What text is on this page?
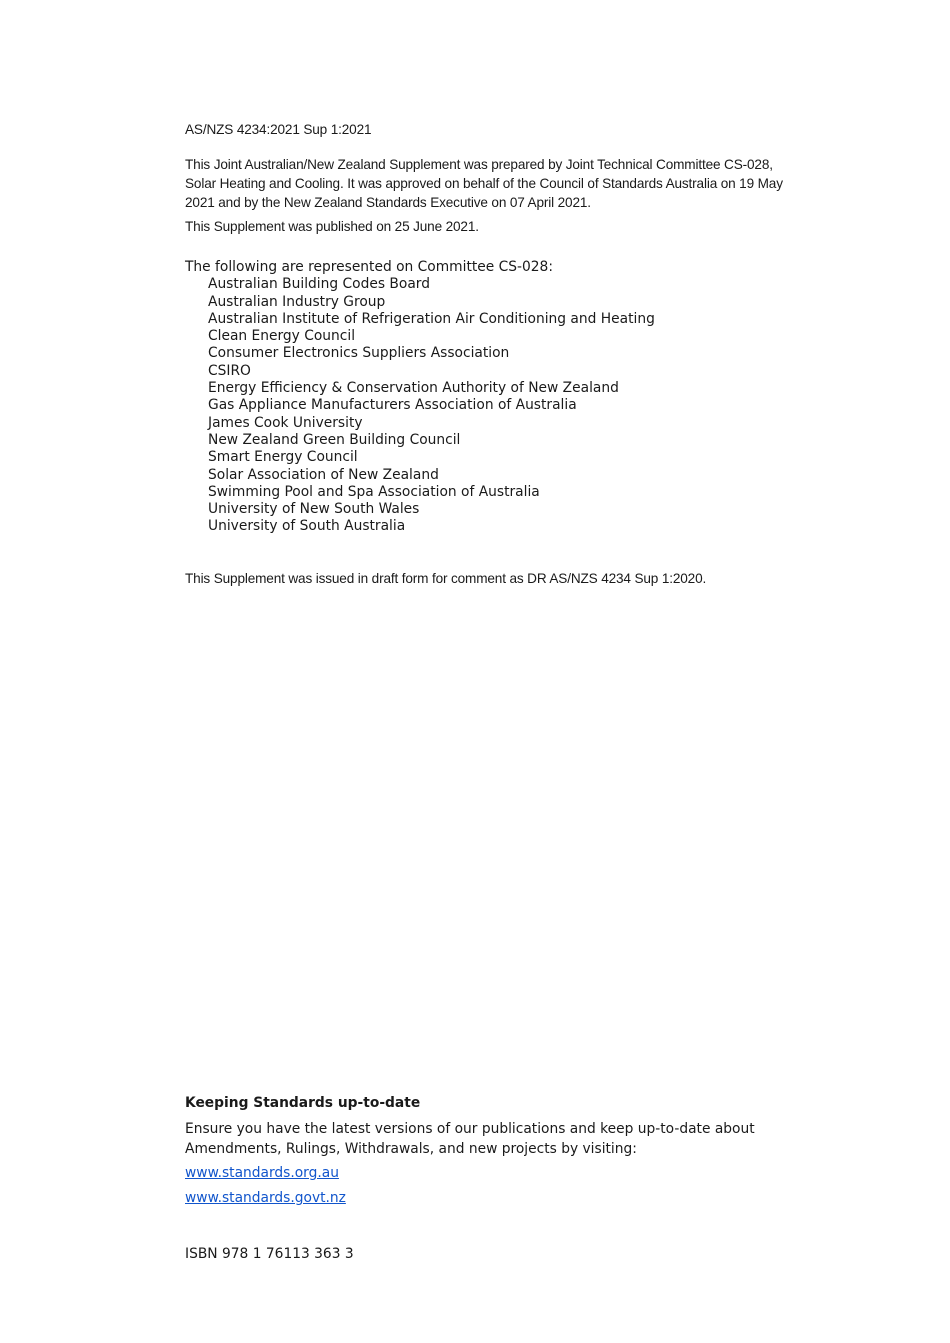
AS/NZS 4234:2021 Sup 1:2021

This Joint Australian/New Zealand Supplement was prepared by Joint Technical Committee CS-028, Solar Heating and Cooling. It was approved on behalf of the Council of Standards Australia on 19 May 2021 and by the New Zealand Standards Executive on 07 April 2021.

This Supplement was published on 25 June 2021.
The following are represented on Committee CS-028:
Australian Building Codes Board
Australian Industry Group
Australian Institute of Refrigeration Air Conditioning and Heating
Clean Energy Council
Consumer Electronics Suppliers Association
CSIRO
Energy Efficiency & Conservation Authority of New Zealand
Gas Appliance Manufacturers Association of Australia
James Cook University
New Zealand Green Building Council
Smart Energy Council
Solar Association of New Zealand
Swimming Pool and Spa Association of Australia
University of New South Wales
University of South Australia
This Supplement was issued in draft form for comment as DR AS/NZS 4234 Sup 1:2020.
Keeping Standards up-to-date

Ensure you have the latest versions of our publications and keep up-to-date about Amendments, Rulings, Withdrawals, and new projects by visiting:

www.standards.org.au
www.standards.govt.nz
ISBN 978 1 76113 363 3
